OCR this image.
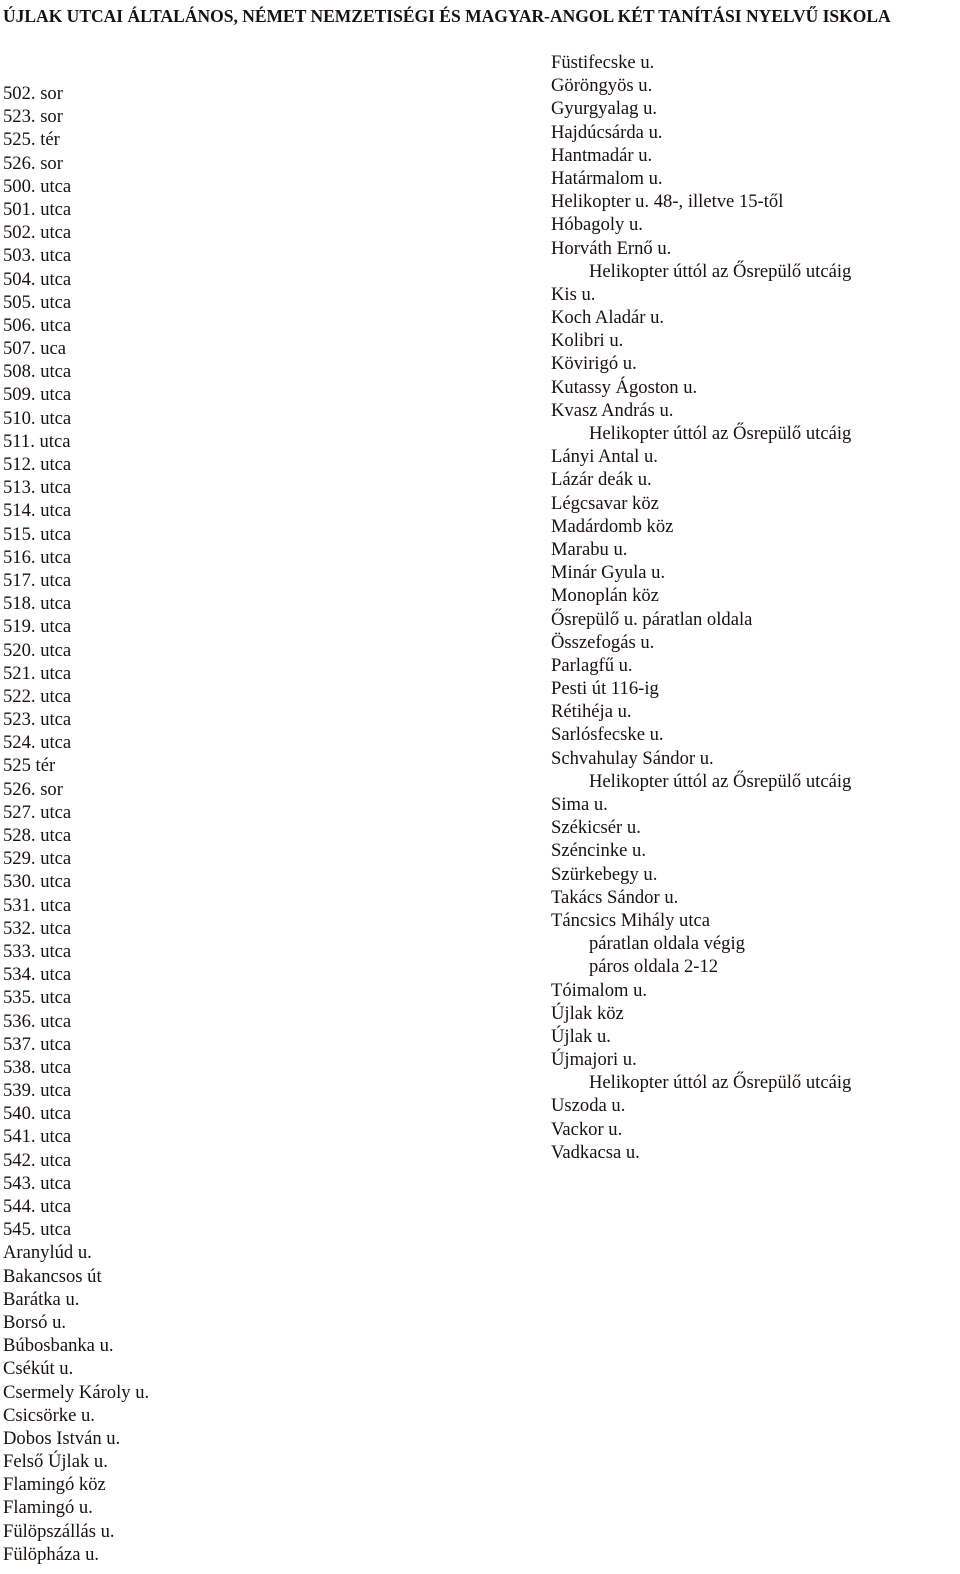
ÚJLAK UTCAI ÁLTALÁNOS, NÉMET NEMZETISÉGI ÉS MAGYAR-ANGOL KÉT TANÍTÁSI NYELVŰ ISKOLA
502. sor
523. sor
525. tér
526. sor
500. utca
501. utca
502. utca
503. utca
504. utca
505. utca
506. utca
507. uca
508. utca
509. utca
510. utca
511. utca
512. utca
513. utca
514. utca
515. utca
516. utca
517. utca
518. utca
519. utca
520. utca
521. utca
522. utca
523. utca
524. utca
525 tér
526. sor
527. utca
528. utca
529. utca
530. utca
531. utca
532. utca
533. utca
534. utca
535. utca
536. utca
537. utca
538. utca
539. utca
540. utca
541. utca
542. utca
543. utca
544. utca
545. utca
Aranylúd u.
Bakancsos út
Barátka u.
Borsó u.
Búbosbanka u.
Csékút u.
Csermely Károly u.
Csicsörke u.
Dobos István u.
Felső Újlak u.
Flamingó köz
Flamingó u.
Fülöpszállás u.
Fülöpháza u.
Füstifecske u.
Göröngyös u.
Gyurgyalag u.
Hajdúcsárda u.
Hantmadár u.
Határmalom u.
Helikopter u. 48-, illetve 15-től
Hóbagoly u.
Horváth Ernő u.
Helikopter úttól az Ősrepülő utcáig
Kis u.
Koch Aladár u.
Kolibri u.
Kövirigó u.
Kutassy Ágoston u.
Kvasz András u.
Helikopter úttól az Ősrepülő utcáig
Lányi Antal u.
Lázár deák u.
Légcsavar köz
Madárdomb köz
Marabu u.
Minár Gyula u.
Monoplán köz
Ősrepülő u. páratlan oldala
Összefogás u.
Parlagfű u.
Pesti út 116-ig
Rétihéja u.
Sarlósfecske u.
Schvahulay Sándor u.
Helikopter úttól az Ősrepülő utcáig
Sima u.
Székicsér u.
Széncinke u.
Szürkebegy u.
Takács Sándor u.
Táncsics Mihály utca
páratlan oldala végig
páros oldala 2-12
Tóimalom u.
Újlak köz
Újlak u.
Újmajori u.
Helikopter úttól az Ősrepülő utcáig
Uszoda u.
Vackor u.
Vadkacsa u.
